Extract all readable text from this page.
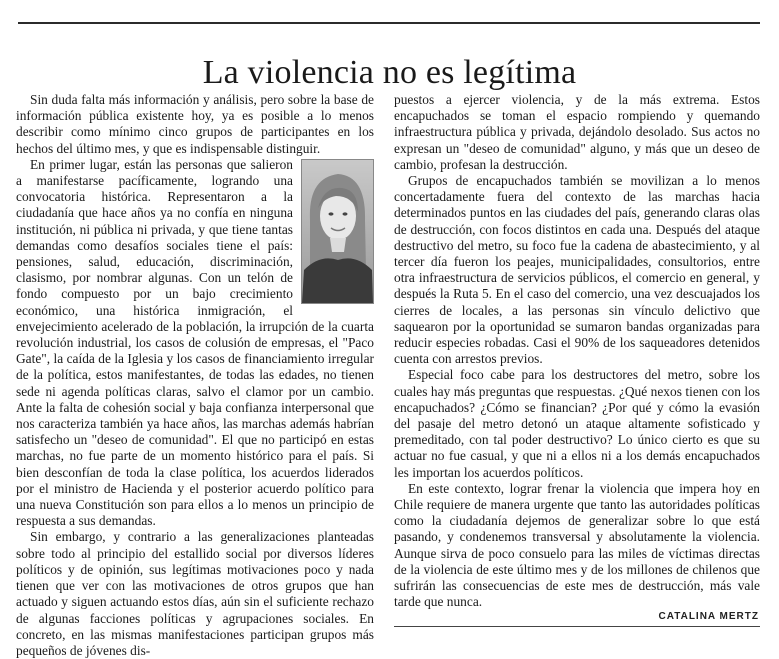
La violencia no es legítima

Sin duda falta más información y análisis, pero sobre la base de información pública existente hoy, ya es posible a lo menos describir como mínimo cinco grupos de participantes en los hechos del último mes, y que es indispensable distinguir.

En primer lugar, están las personas que salieron a manifestarse pacíficamente, logrando una convocatoria histórica. Representaron a la ciudadanía que hace años ya no confía en ninguna institución, ni pública ni privada, y que tiene tantas demandas como desafíos sociales tiene el país: pensiones, salud, educación, discriminación, clasismo, por nombrar algunas. Con un telón de fondo compuesto por un bajo crecimiento económico, una histórica inmigración, el envejecimiento acelerado de la población, la irrupción de la cuarta revolución industrial, los casos de colusión de empresas, el "Paco Gate", la caída de la Iglesia y los casos de financiamiento irregular de la política, estos manifestantes, de todas las edades, no tienen sede ni agenda políticas claras, salvo el clamor por un cambio. Ante la falta de cohesión social y baja confianza interpersonal que nos caracteriza también ya hace años, las marchas además habrían satisfecho un "deseo de comunidad". El que no participó en estas marchas, no fue parte de un momento histórico para el país. Si bien desconfían de toda la clase política, los acuerdos liderados por el ministro de Hacienda y el posterior acuerdo político para una nueva Constitución son para ellos a lo menos un principio de respuesta a sus demandas.

Sin embargo, y contrario a las generalizaciones planteadas sobre todo al principio del estallido social por diversos líderes políticos y de opinión, sus legítimas motivaciones poco y nada tienen que ver con las motivaciones de otros grupos que han actuado y siguen actuando estos días, aún sin el suficiente rechazo de algunas facciones políticas y agrupaciones sociales. En concreto, en las mismas manifestaciones participan grupos más pequeños de jóvenes dis-

puestos a ejercer violencia, y de la más extrema. Estos encapuchados se toman el espacio rompiendo y quemando infraestructura pública y privada, dejándolo desolado. Sus actos no expresan un "deseo de comunidad" alguno, y más que un deseo de cambio, profesan la destrucción.

Grupos de encapuchados también se movilizan a lo menos concertadamente fuera del contexto de las marchas hacia determinados puntos en las ciudades del país, generando claras olas de destrucción, con focos distintos en cada una. Después del ataque destructivo del metro, su foco fue la cadena de abastecimiento, y al tercer día fueron los peajes, municipalidades, consultorios, entre otra infraestructura de servicios públicos, el comercio en general, y después la Ruta 5. En el caso del comercio, una vez descuajados los cierres de locales, a las personas sin vínculo delictivo que saquearon por la oportunidad se sumaron bandas organizadas para reducir especies robadas. Casi el 90% de los saqueadores detenidos cuenta con arrestos previos.

Especial foco cabe para los destructores del metro, sobre los cuales hay más preguntas que respuestas. ¿Qué nexos tienen con los encapuchados? ¿Cómo se financian? ¿Por qué y cómo la evasión del pasaje del metro detonó un ataque altamente sofisticado y premeditado, con tal poder destructivo? Lo único cierto es que su actuar no fue casual, y que ni a ellos ni a los demás encapuchados les importan los acuerdos políticos.

En este contexto, lograr frenar la violencia que impera hoy en Chile requiere de manera urgente que tanto las autoridades políticas como la ciudadanía dejemos de generalizar sobre lo que está pasando, y condenemos transversal y absolutamente la violencia. Aunque sirva de poco consuelo para las miles de víctimas directas de la violencia de este último mes y de los millones de chilenos que sufrirán las consecuencias de este mes de destrucción, más vale tarde que nunca.

CATALINA MERTZ
